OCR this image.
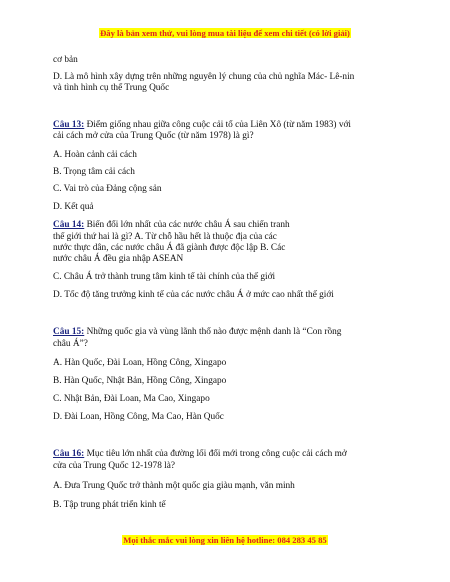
Đây là bản xem thử, vui lòng mua tài liệu để xem chi tiết (có lời giải)
cơ bản
D. Là mô hình xây dựng trên những nguyên lý chung của chủ nghĩa Mác- Lê-nin
và tình hình cụ thể Trung Quốc
Câu 13: Điểm giống nhau giữa công cuộc cải tổ của Liên Xô (từ năm 1983) với
cải cách mở cửa của Trung Quốc (từ năm 1978) là gì?
A. Hoàn cảnh cải cách
B. Trọng tâm cải cách
C. Vai trò của Đảng cộng sản
D. Kết quả
Câu 14: Biến đổi lớn nhất của các nước châu Á sau chiến tranh
thế giới thứ hai là gì? A. Từ chỗ hầu hết là thuộc địa của các
nước thực dân, các nước châu Á đã giành được độc lập B. Các
nước châu Á đều gia nhập ASEAN
C. Châu Á trở thành trung tâm kinh tế tài chính của thế giới
D. Tốc độ tăng trưởng kinh tế của các nước châu Á ở mức cao nhất thế giới
Câu 15: Những quốc gia và vùng lãnh thổ nào được mệnh danh là “Con rồng
châu Á”?
A. Hàn Quốc, Đài Loan, Hồng Công, Xingapo
B. Hàn Quốc, Nhật Bản, Hồng Công, Xingapo
C. Nhật Bản, Đài Loan, Ma Cao, Xingapo
D. Đài Loan, Hồng Công, Ma Cao, Hàn Quốc
Câu 16: Mục tiêu lớn nhất của đường lối đổi mới trong công cuộc cải cách mở
cửa của Trung Quốc 12-1978 là?
A. Đưa Trung Quốc trở thành một quốc gia giàu mạnh, văn minh
B. Tập trung phát triển kinh tế
Mọi thắc mắc vui lòng xin liên hệ hotline: 084 283 45 85
